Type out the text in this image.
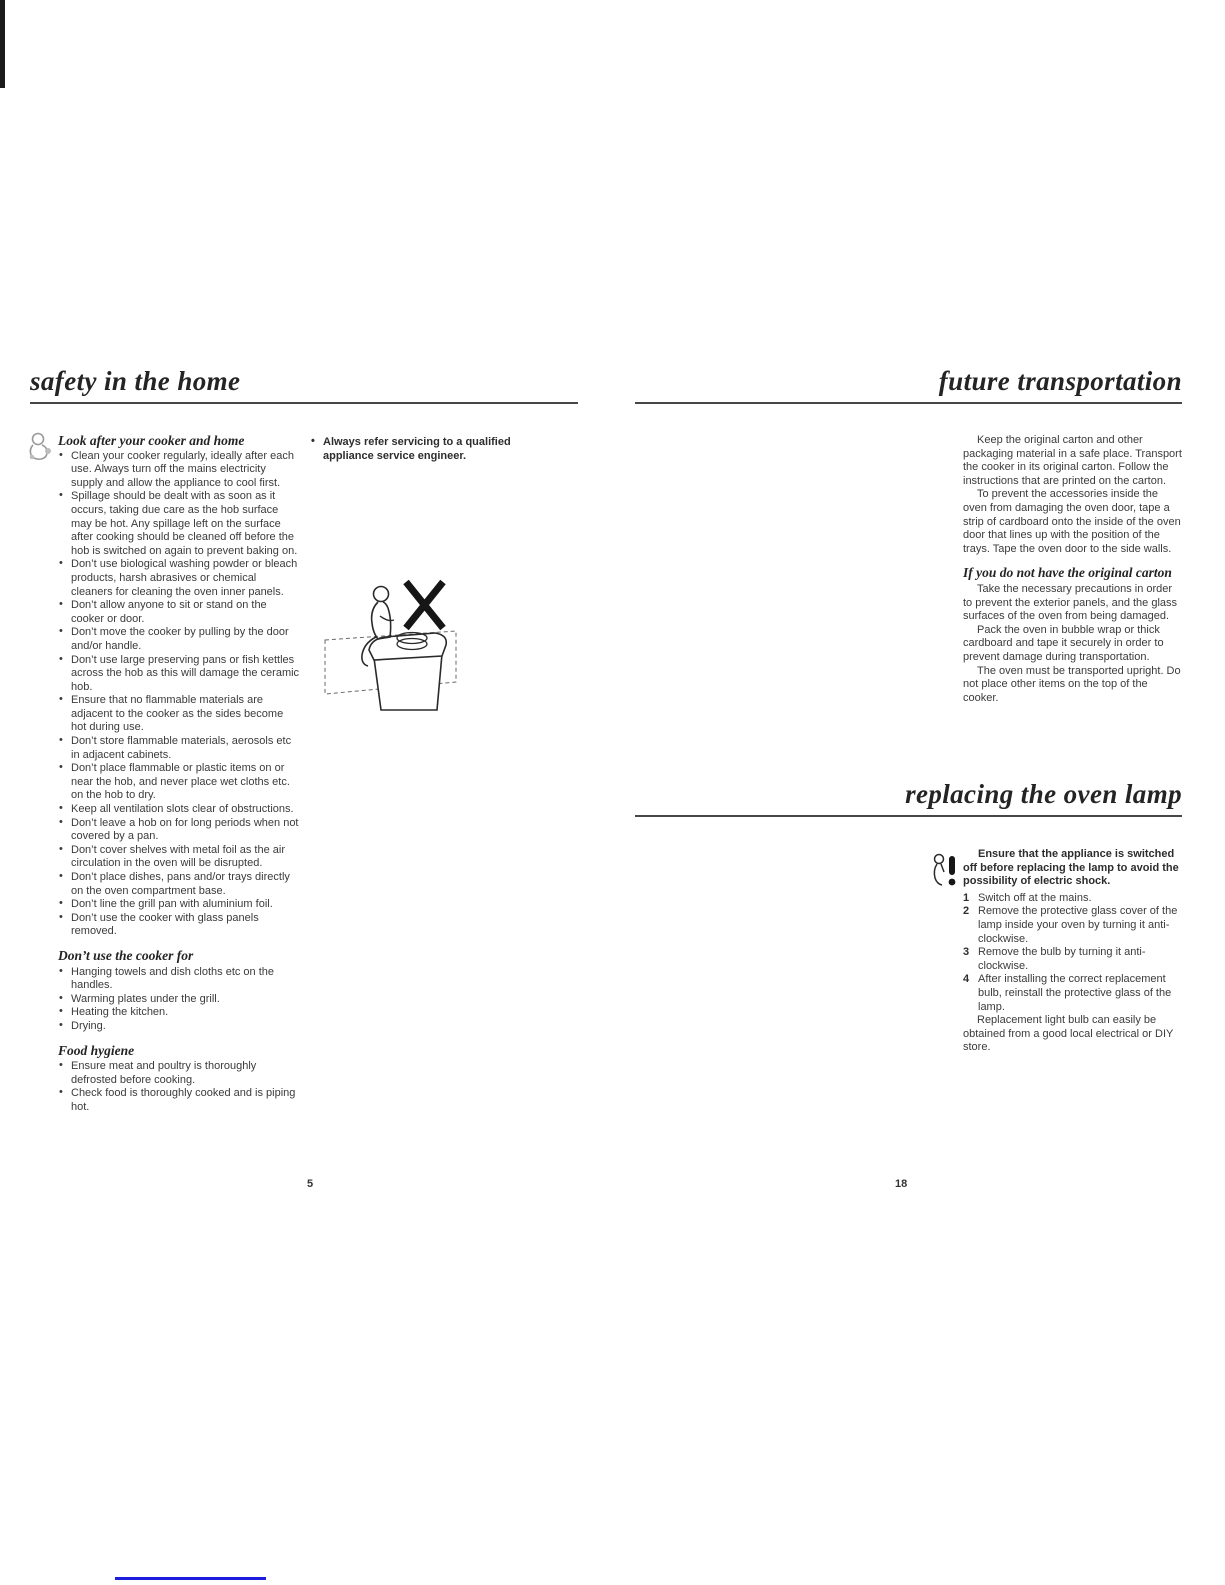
safety in the home
Look after your cooker and home
• Clean your cooker regularly, ideally after each use. Always turn off the mains electricity supply and allow the appliance to cool first.
• Spillage should be dealt with as soon as it occurs, taking due care as the hob surface may be hot. Any spillage left on the surface after cooking should be cleaned off before the hob is switched on again to prevent baking on.
• Don’t use biological washing powder or bleach products, harsh abrasives or chemical cleaners for cleaning the oven inner panels.
• Don’t allow anyone to sit or stand on the cooker or door.
• Don’t move the cooker by pulling by the door and/or handle.
• Don’t use large preserving pans or fish kettles across the hob as this will damage the ceramic hob.
• Ensure that no flammable materials are adjacent to the cooker as the sides become hot during use.
• Don’t store flammable materials, aerosols etc in adjacent cabinets.
• Don’t place flammable or plastic items on or near the hob, and never place wet cloths etc. on the hob to dry.
• Keep all ventilation slots clear of obstructions.
• Don’t leave a hob on for long periods when not covered by a pan.
• Don’t cover shelves with metal foil as the air circulation in the oven will be disrupted.
• Don’t place dishes, pans and/or trays directly on the oven compartment base.
• Don’t line the grill pan with aluminium foil.
• Don’t use the cooker with glass panels removed.
Don’t use the cooker for
• Hanging towels and dish cloths etc on the handles.
• Warming plates under the grill.
• Heating the kitchen.
• Drying.
Food hygiene
• Ensure meat and poultry is thoroughly defrosted before cooking.
• Check food is thoroughly cooked and is piping hot.
• Always refer servicing to a qualified appliance service engineer.
5
future transportation

Keep the original carton and other packaging material in a safe place. Transport the cooker in its original carton. Follow the instructions that are printed on the carton.

To prevent the accessories inside the oven from damaging the oven door, tape a strip of cardboard onto the inside of the oven door that lines up with the position of the trays. Tape the oven door to the side walls.

If you do not have the original carton

Take the necessary precautions in order to prevent the exterior panels, and the glass surfaces of the oven from being damaged.

Pack the oven in bubble wrap or thick cardboard and tape it securely in order to prevent damage during transportation.

The oven must be transported upright. Do not place other items on the top of the cooker.

replacing the oven lamp

Ensure that the appliance is switched off before replacing the lamp to avoid the possibility of electric shock.

Switch off at the mains.
Remove the protective glass cover of the lamp inside your oven by turning it anti-clockwise.
Remove the bulb by turning it anti-clockwise.
After installing the correct replacement bulb, reinstall the protective glass of the lamp.

Replacement light bulb can easily be obtained from a good local electrical or DIY store.

18
